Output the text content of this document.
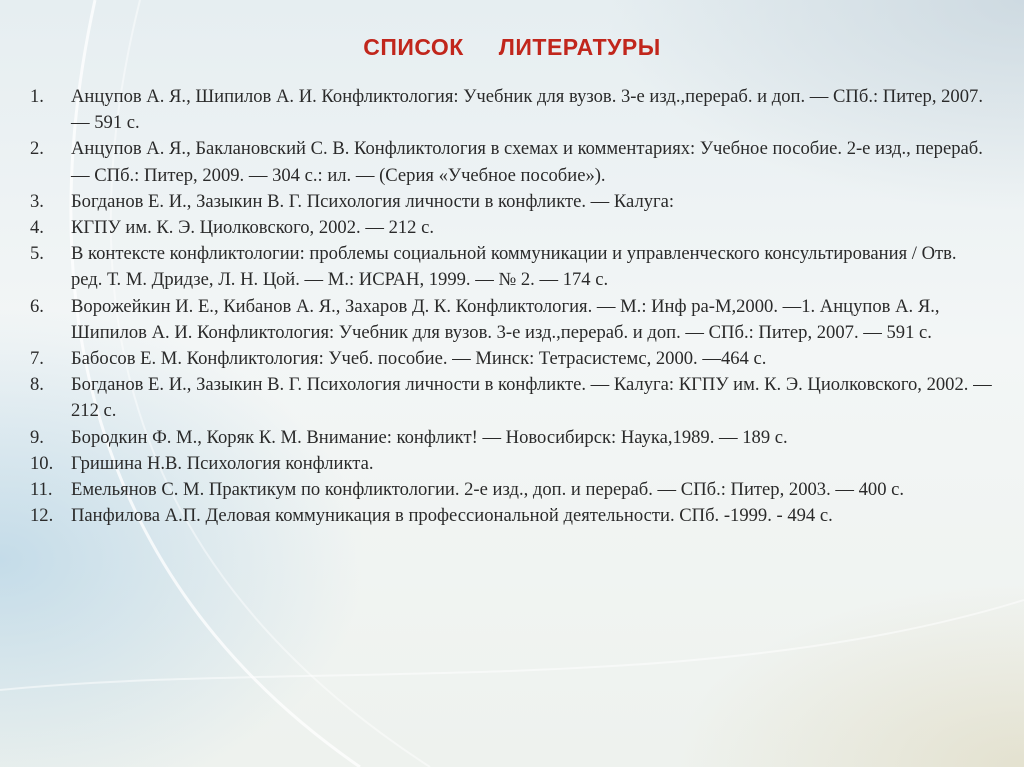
СПИСОК ЛИТЕРАТУРЫ
1.	Анцупов А. Я., Шипилов А. И. Конфликтология: Учебник для вузов. 3-е изд.,перераб. и доп. — СПб.: Питер, 2007. — 591 с.
2.	Анцупов А. Я., Баклановский С. В. Конфликтология в схемах и комментариях: Учебное пособие. 2-е изд., перераб. — СПб.: Питер, 2009. — 304 с.: ил. — (Серия «Учебное пособие»).
3.	Богданов Е. И., Зазыкин В. Г. Психология личности в конфликте. — Калуга:
4.	КГПУ им. К. Э. Циолковского, 2002. — 212 с.
5.	В контексте конфликтологии: проблемы социальной коммуникации и управленческого консультирования / Отв. ред. Т. М. Дридзе, Л. Н. Цой. — М.: ИСРАН, 1999. — № 2. — 174 с.
6.	Ворожейкин И. Е., Кибанов А. Я., Захаров Д. К. Конфликтология. — М.: Инф ра-М,2000. —1. Анцупов А. Я., Шипилов А. И. Конфликтология: Учебник для вузов. 3-е изд.,перераб. и доп. — СПб.: Питер, 2007. — 591 с.
7.	Бабосов Е. М. Конфликтология: Учеб. пособие. — Минск: Тетрасистемс, 2000. —464 с.
8.	Богданов Е. И., Зазыкин В. Г. Психология личности в конфликте. — Калуга: КГПУ им. К. Э. Циолковского, 2002. — 212 с.
9.	Бородкин Ф. М., Коряк К. М. Внимание: конфликт! — Новосибирск: Наука,1989. — 189 с.
10. Гришина Н.В. Психология конфликта.
11. Емельянов С. М. Практикум по конфликтологии. 2-е изд., доп. и перераб. — СПб.: Питер, 2003. — 400 с.
12. Панфилова А.П. Деловая коммуникация в профессиональной деятельности. СПб. -1999. - 494 с.
